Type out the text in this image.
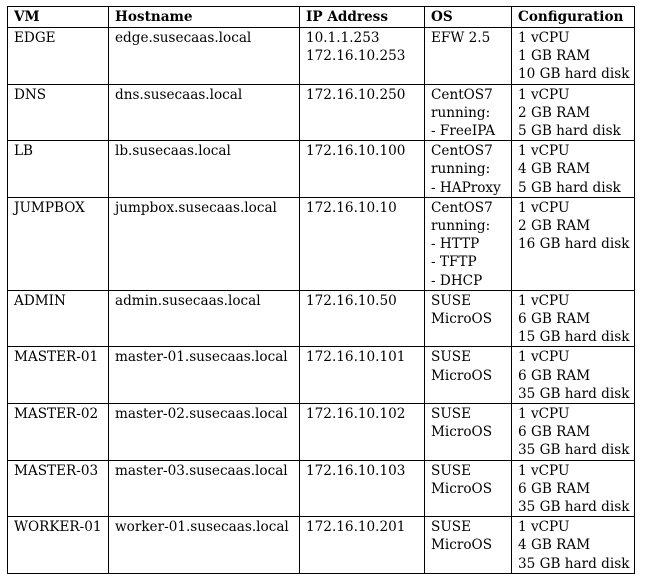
VM	Hostname	IP Address	OS	Configuration
EDGE	edge.susecaas.local	10.1.1.253
172.16.10.253	EFW 2.5	1 vCPU
1 GB RAM
10 GB hard disk

DNS	dns.susecaas.local	172.16.10.250	CentOS7
running:
- FreeIPA	1 vCPU
2 GB RAM
5 GB hard disk

LB	lb.susecaas.local	172.16.10.100	CentOS7
running:
- HAProxy	1 vCPU
4 GB RAM
5 GB hard disk

JUMPBOX	jumpbox.susecaas.local	172.16.10.10	CentOS7
running:
- HTTP
- TFTP
- DHCP	1 vCPU
2 GB RAM
16 GB hard disk

ADMIN	admin.susecaas.local	172.16.10.50	SUSE
MicroOS	1 vCPU
6 GB RAM
15 GB hard disk

MASTER-01	master-01.susecaas.local	172.16.10.101	SUSE
MicroOS	1 vCPU
6 GB RAM
35 GB hard disk

MASTER-02	master-02.susecaas.local	172.16.10.102	SUSE
MicroOS	1 vCPU
6 GB RAM
35 GB hard disk

MASTER-03	master-03.susecaas.local	172.16.10.103	SUSE
MicroOS	1 vCPU
6 GB RAM
35 GB hard disk

WORKER-01	worker-01.susecaas.local	172.16.10.201	SUSE
MicroOS	1 vCPU
4 GB RAM
35 GB hard disk
